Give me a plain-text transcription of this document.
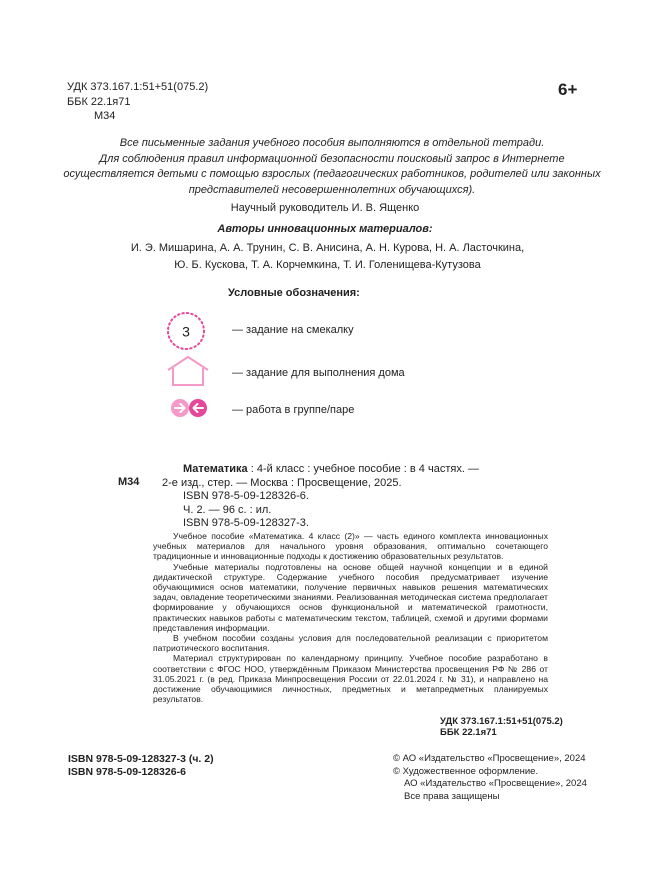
УДК 373.167.1:51+51(075.2)
ББК 22.1я71
М34
6+
Все письменные задания учебного пособия выполняются в отдельной тетради.
Для соблюдения правил информационной безопасности поисковый запрос в Интернете осуществляется детьми с помощью взрослых (педагогических работников, родителей или законных представителей несовершеннолетних обучающихся).
Научный руководитель И. В. Ященко
Авторы инновационных материалов:
И. Э. Мишарина, А. А. Трунин, С. В. Анисина, А. Н. Курова, Н. А. Ласточкина,
Ю. Б. Кускова, Т. А. Корчемкина, Т. И. Голенищева-Кутузова
Условные обозначения:
3	— задание на смекалку
— задание для выполнения дома
— работа в группе/паре
М34
Математика : 4-й класс : учебное пособие : в 4 частях. —
2-е изд., стер. — Москва : Просвещение, 2025.
ISBN 978-5-09-128326-6.
Ч. 2. — 96 с. : ил.
ISBN 978-5-09-128327-3.

Учебное пособие «Математика. 4 класс (2)» — часть единого комплекта инновационных учебных материалов для начального уровня образования, оптимально сочетающего традиционные и инновационные подходы к достижению образовательных результатов.

Учебные материалы подготовлены на основе общей научной концепции и в единой дидактической структуре. Содержание учебного пособия предусматривает изучение обучающимися основ математики, получение первичных навыков решения математических задач, овладение теоретическими знаниями. Реализованная методическая система предполагает формирование у обучающихся основ функциональной и математической грамотности, практических навыков работы с математическим текстом, таблицей, схемой и другими формами представления информации.

В учебном пособии созданы условия для последовательной реализации с приоритетом патриотического воспитания.

Материал структурирован по календарному принципу. Учебное пособие разработано в соответствии с ФГОС НОО, утверждённым Приказом Министерства просвещения РФ № 286 от 31.05.2021 г. (в ред. Приказа Минпросвещения России от 22.01.2024 г. № 31), и направлено на достижение обучающимися личностных, предметных и метапредметных планируемых результатов.

УДК 373.167.1:51+51(075.2)
ББК 22.1я71
ISBN 978-5-09-128327-3 (ч. 2)
ISBN 978-5-09-128326-6
© АО «Издательство «Просвещение», 2024
© Художественное оформление.
АО «Издательство «Просвещение», 2024
Все права защищены
